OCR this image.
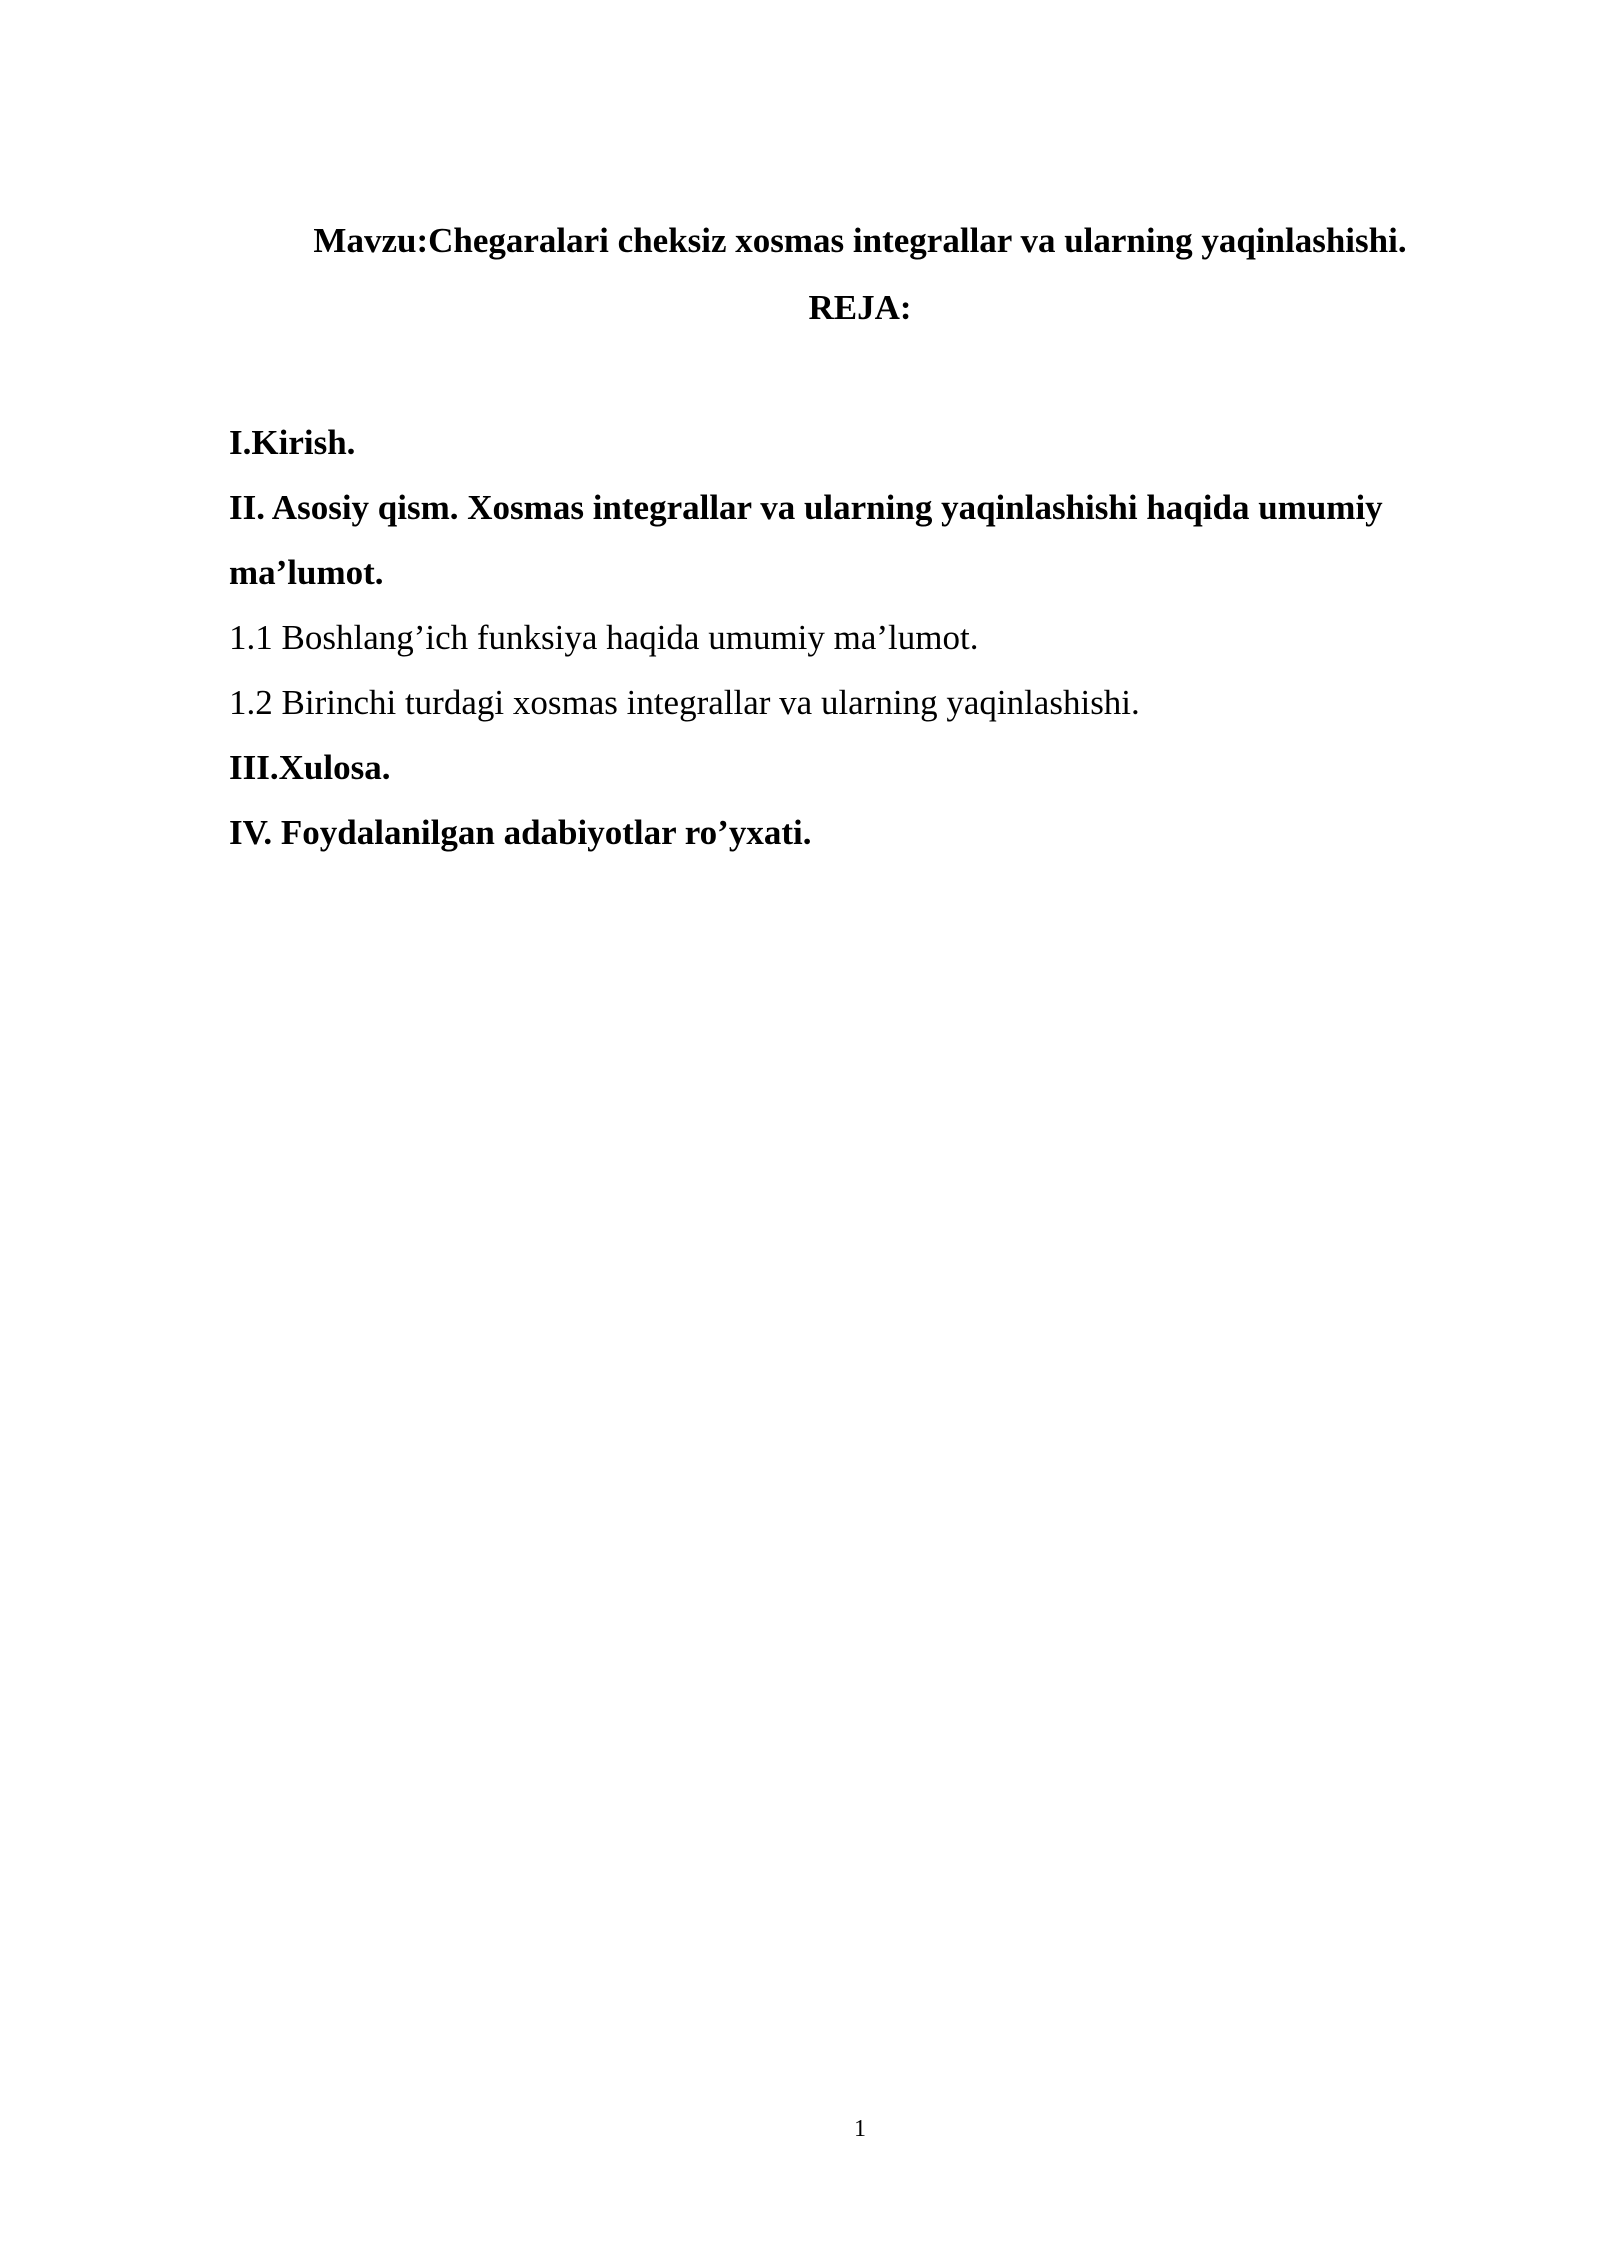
Mavzu:Chegaralari cheksiz xosmas integrallar va ularning yaqinlashishi.
REJA:
I.Kirish.
II. Asosiy qism. Xosmas integrallar va ularning yaqinlashishi haqida umumiy
ma’lumot.
1.1 Boshlang’ich funksiya haqida umumiy ma’lumot.
1.2 Birinchi turdagi xosmas integrallar va ularning yaqinlashishi.
III.Xulosa.
IV. Foydalanilgan adabiyotlar ro’yxati.
1
